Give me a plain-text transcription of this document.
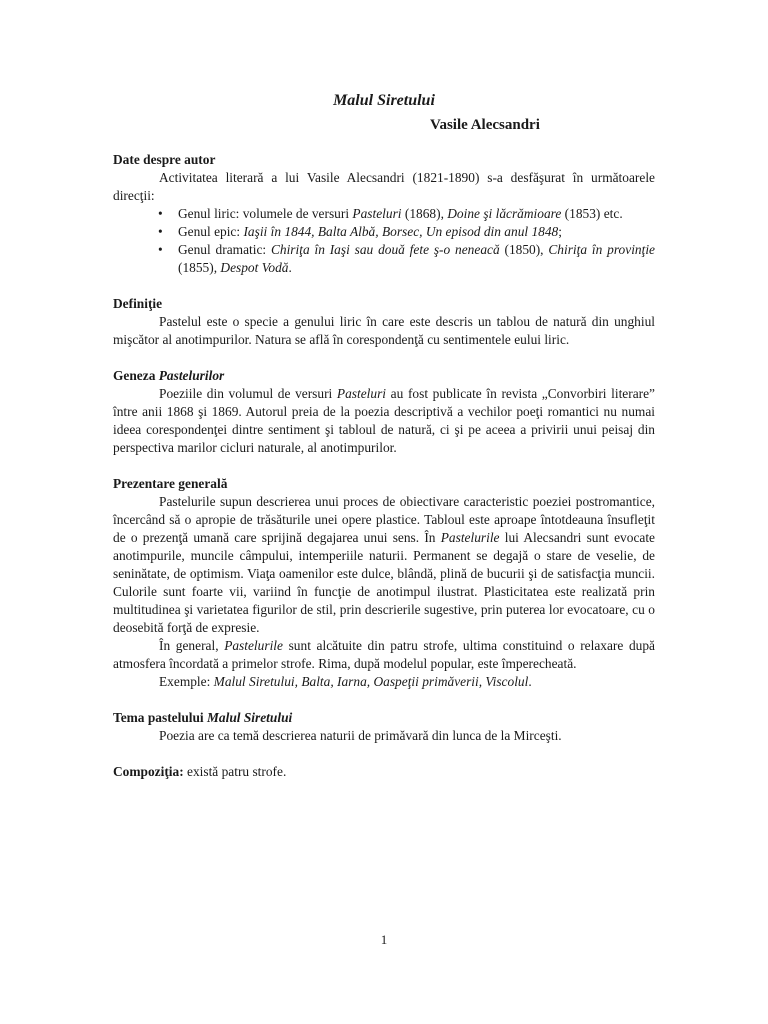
Malul Siretului
Vasile Alecsandri

Date despre autor

Activitatea literară a lui Vasile Alecsandri (1821-1890) s-a desfăşurat în următoarele direcţii:

• Genul liric: volumele de versuri Pasteluri (1868), Doine şi lăcrămioare (1853) etc.
• Genul epic: Iaşii în 1844, Balta Albă, Borsec, Un episod din anul 1848;
• Genul dramatic: Chiriţa în Iaşi sau două fete ş-o neneacă (1850), Chiriţa în provinţie (1855), Despot Vodă.

Definiţie

Pastelul este o specie a genului liric în care este descris un tablou de natură din unghiul mişcător al anotimpurilor. Natura se află în corespondenţă cu sentimentele eului liric.

Geneza Pastelurilor

Poeziile din volumul de versuri Pasteluri au fost publicate în revista „Convorbiri literare” între anii 1868 şi 1869. Autorul preia de la poezia descriptivă a vechilor poeţi romantici nu numai ideea corespondenţei dintre sentiment şi tabloul de natură, ci şi pe aceea a privirii unui peisaj din perspectiva marilor cicluri naturale, al anotimpurilor.

Prezentare generală

Pastelurile supun descrierea unui proces de obiectivare caracteristic poeziei postromantice, încercând să o apropie de trăsăturile unei opere plastice. Tabloul este aproape întotdeauna însufleţit de o prezenţă umană care sprijină degajarea unui sens. În Pastelurile lui Alecsandri sunt evocate anotimpurile, muncile câmpului, intemperiile naturii. Permanent se degajă o stare de veselie, de seninătate, de optimism. Viaţa oamenilor este dulce, blândă, plină de bucurii şi de satisfacţia muncii. Culorile sunt foarte vii, variind în funcţie de anotimpul ilustrat. Plasticitatea este realizată prin multitudinea şi varietatea figurilor de stil, prin descrierile sugestive, prin puterea lor evocatoare, cu o deosebită forţă de expresie.

În general, Pastelurile sunt alcătuite din patru strofe, ultima constituind o relaxare după atmosfera încordată a primelor strofe. Rima, după modelul popular, este împerecheată.

Exemple: Malul Siretului, Balta, Iarna, Oaspeţii primăverii, Viscolul.

Tema pastelului Malul Siretului

Poezia are ca temă descrierea naturii de primăvară din lunca de la Mirceşti.

Compoziţia: există patru strofe.

1
